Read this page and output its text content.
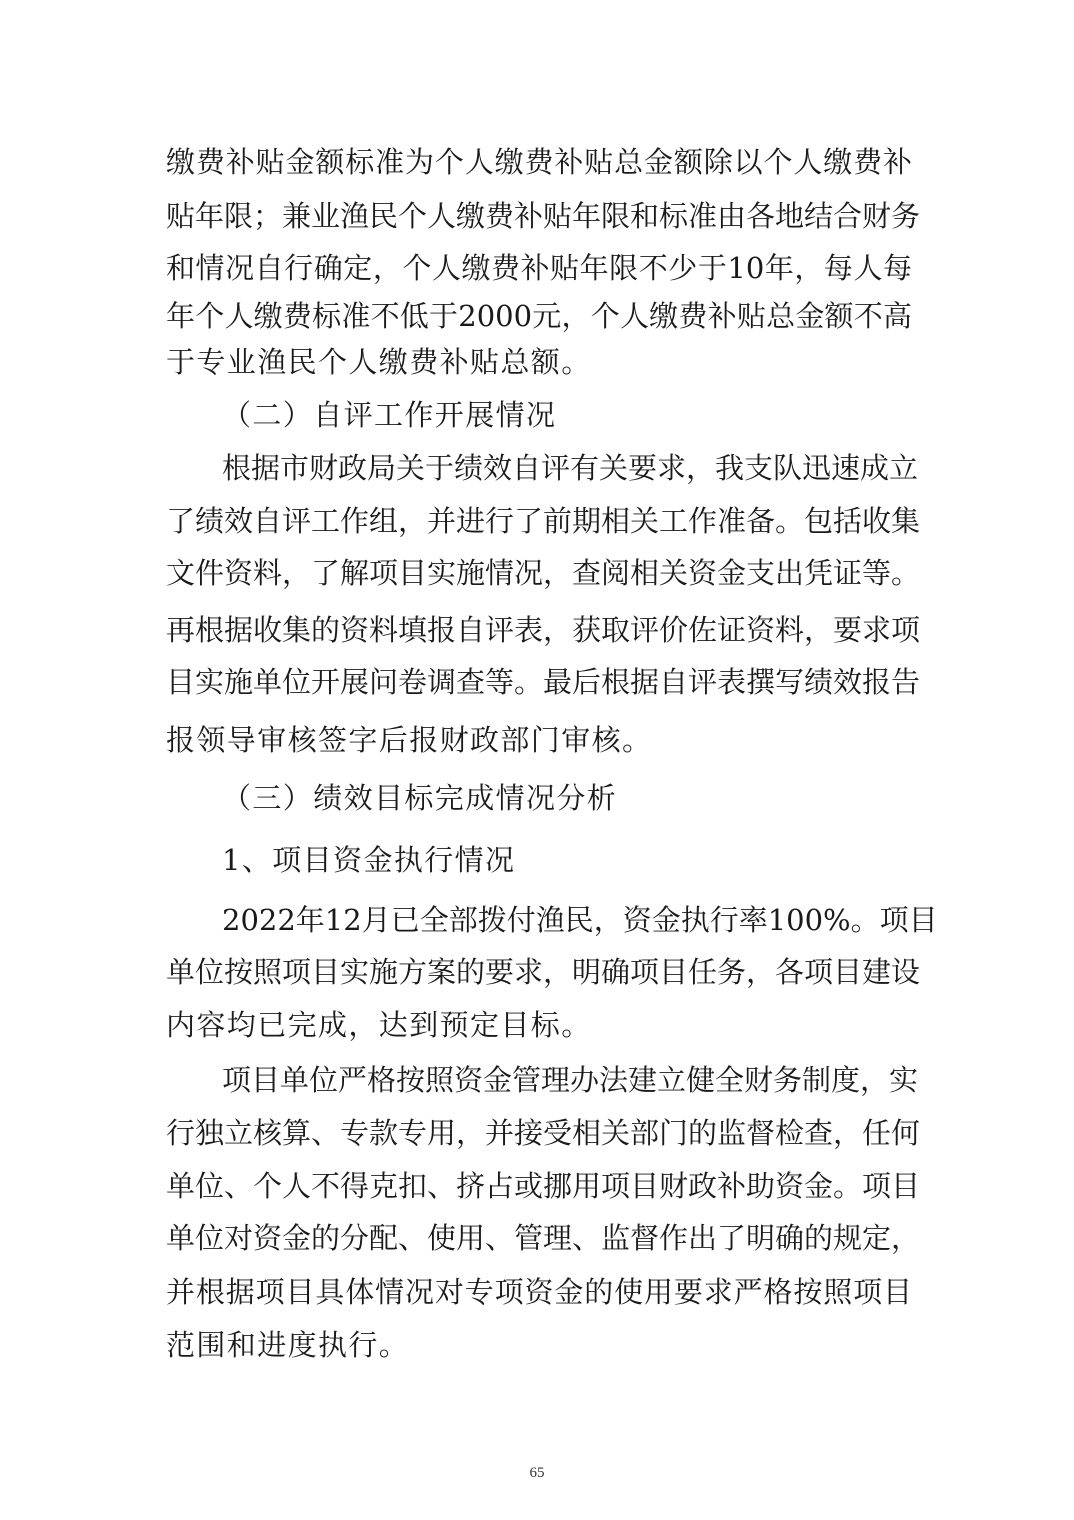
缴费补贴金额标准为个人缴费补贴总金额除以个人缴费补
贴年限；兼业渔民个人缴费补贴年限和标准由各地结合财务
和情况自行确定，个人缴费补贴年限不少于10年，每人每
年个人缴费标准不低于2000元，个人缴费补贴总金额不高
于专业渔民个人缴费补贴总额。
（二）自评工作开展情况
根据市财政局关于绩效自评有关要求，我支队迅速成立
了绩效自评工作组，并进行了前期相关工作准备。包括收集
文件资料，了解项目实施情况，查阅相关资金支出凭证等。
再根据收集的资料填报自评表，获取评价佐证资料，要求项
目实施单位开展问卷调查等。最后根据自评表撰写绩效报告
报领导审核签字后报财政部门审核。
（三）绩效目标完成情况分析
1、项目资金执行情况
2022年12月已全部拨付渔民，资金执行率100%。项目
单位按照项目实施方案的要求，明确项目任务，各项目建设
内容均已完成，达到预定目标。
项目单位严格按照资金管理办法建立健全财务制度，实
行独立核算、专款专用，并接受相关部门的监督检查，任何
单位、个人不得克扣、挤占或挪用项目财政补助资金。项目
单位对资金的分配、使用、管理、监督作出了明确的规定，
并根据项目具体情况对专项资金的使用要求严格按照项目
范围和进度执行。
65
